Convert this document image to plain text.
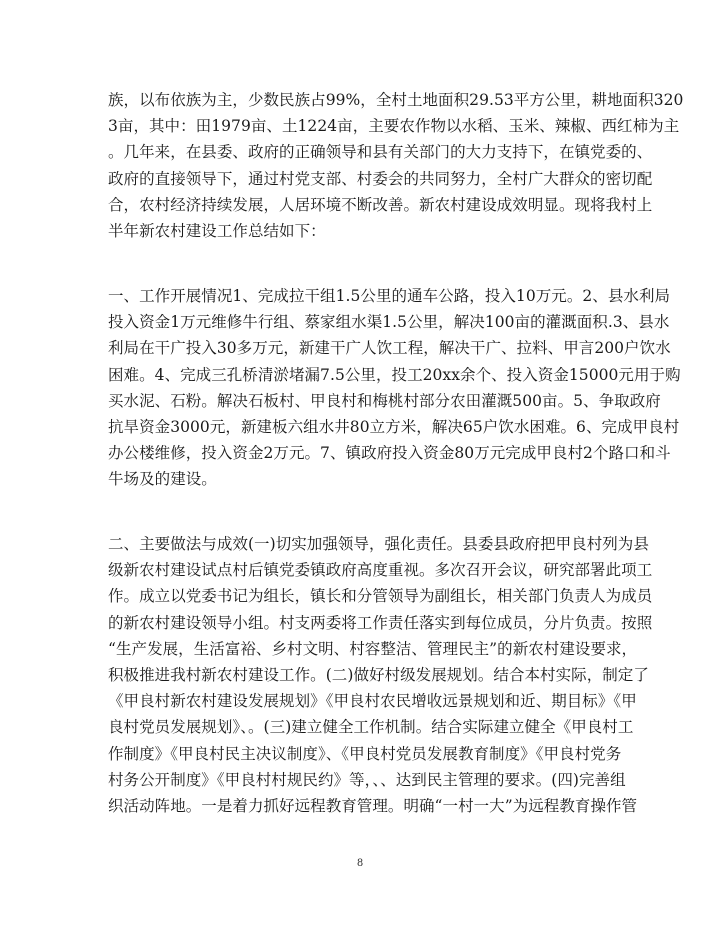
族，以布依族为主，少数民族占99%，全村土地面积29.53平方公里，耕地面积320
3亩，其中：田1979亩、土1224亩，主要农作物以水稻、玉米、辣椒、西红柿为主
。几年来，在县委、政府的正确领导和县有关部门的大力支持下，在镇党委的、
政府的直接领导下，通过村党支部、村委会的共同努力，全村广大群众的密切配
合，农村经济持续发展，人居环境不断改善。新农村建设成效明显。现将我村上
半年新农村建设工作总结如下：
一、工作开展情况1、完成拉干组1.5公里的通车公路，投入10万元。2、县水利局
投入资金1万元维修牛行组、蔡家组水渠1.5公里，解决100亩的灌溉面积.3、县水
利局在干广投入30多万元，新建干广人饮工程，解决干广、拉料、甲言200户饮水
困难。4、完成三孔桥清淤堵漏7.5公里，投工20xx余个、投入资金15000元用于购
买水泥、石粉。解决石板村、甲良村和梅桃村部分农田灌溉500亩。5、争取政府
抗旱资金3000元，新建板六组水井80立方米，解决65户饮水困难。6、完成甲良村
办公楼维修，投入资金2万元。7、镇政府投入资金80万元完成甲良村2个路口和斗
牛场及的建设。
二、主要做法与成效(一)切实加强领导，强化责任。县委县政府把甲良村列为县
级新农村建设试点村后镇党委镇政府高度重视。多次召开会议，研究部署此项工
作。成立以党委书记为组长，镇长和分管领导为副组长，相关部门负责人为成员
的新农村建设领导小组。村支两委将工作责任落实到每位成员，分片负责。按照
“生产发展，生活富裕、乡村文明、村容整洁、管理民主”的新农村建设要求，
积极推进我村新农村建设工作。(二)做好村级发展规划。结合本村实际，制定了
《甲良村新农村建设发展规划》《甲良村农民增收远景规划和近、期目标》《甲
良村党员发展规划》、。(三)建立健全工作机制。结合实际建立健全《甲良村工
作制度》《甲良村民主决议制度》、《甲良村党员发展教育制度》《甲良村党务
村务公开制度》《甲良村村规民约》等，、、达到民主管理的要求。(四)完善组
织活动阵地。一是着力抓好远程教育管理。明确“一村一大”为远程教育操作管
8
